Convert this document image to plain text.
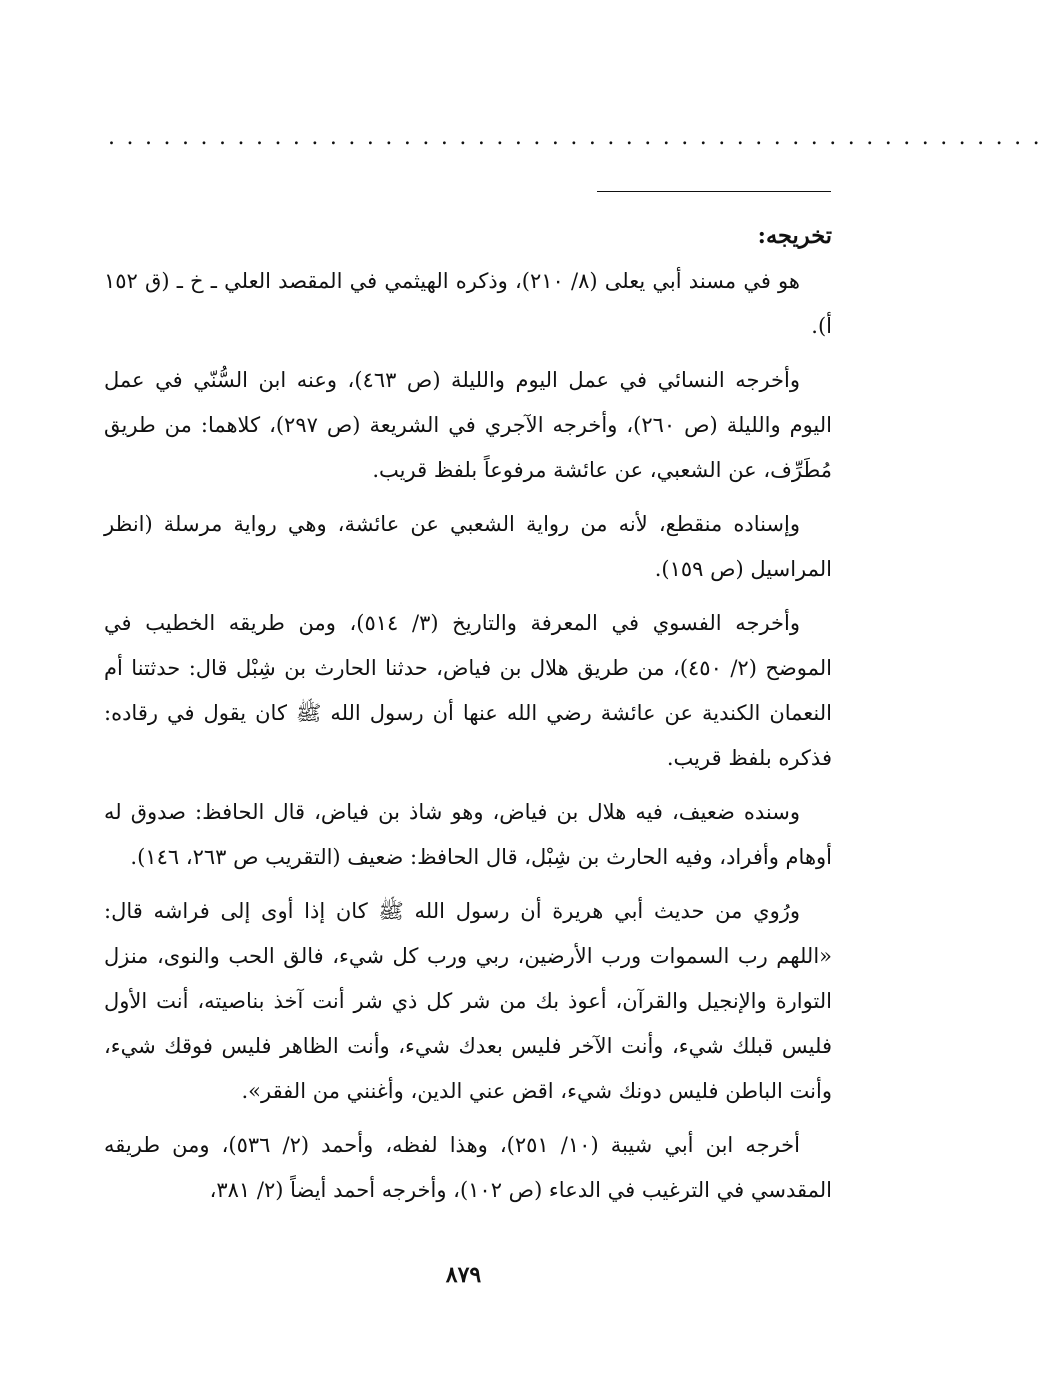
...................................................
تخريجه:

هو في مسند أبي يعلى (٨/ ٢١٠)، وذكره الهيثمي في المقصد العلي ـ خ ـ (ق ١٥٢ أ).

وأخرجه النسائي في عمل اليوم والليلة (ص ٤٦٣)، وعنه ابن السُّنّي في عمل اليوم والليلة (ص ٢٦٠)، وأخرجه الآجري في الشريعة (ص ٢٩٧)، كلاهما: من طريق مُطَرِّف، عن الشعبي، عن عائشة مرفوعاً بلفظ قريب.

وإسناده منقطع، لأنه من رواية الشعبي عن عائشة، وهي رواية مرسلة (انظر المراسيل (ص ١٥٩).

وأخرجه الفسوي في المعرفة والتاريخ (٣/ ٥١٤)، ومن طريقه الخطيب في الموضح (٢/ ٤٥٠)، من طريق هلال بن فياض، حدثنا الحارث بن شِبْل قال: حدثتنا أم النعمان الكندية عن عائشة رضي الله عنها أن رسول الله ﷺ كان يقول في رقاده: فذكره بلفظ قريب.

وسنده ضعيف، فيه هلال بن فياض، وهو شاذ بن فياض، قال الحافظ: صدوق له أوهام وأفراد، وفيه الحارث بن شِبْل، قال الحافظ: ضعيف (التقريب ص ٢٦٣، ١٤٦).

ورُوي من حديث أبي هريرة أن رسول الله ﷺ كان إذا أوى إلى فراشه قال: «اللهم رب السموات ورب الأرضين، ربي ورب كل شيء، فالق الحب والنوى، منزل التوارة والإنجيل والقرآن، أعوذ بك من شر كل ذي شر أنت آخذ بناصيته، أنت الأول فليس قبلك شيء، وأنت الآخر فليس بعدك شيء، وأنت الظاهر فليس فوقك شيء، وأنت الباطن فليس دونك شيء، اقض عني الدين، وأغنني من الفقر».

أخرجه ابن أبي شيبة (١٠/ ٢٥١)، وهذا لفظه، وأحمد (٢/ ٥٣٦)، ومن طريقه المقدسي في الترغيب في الدعاء (ص ١٠٢)، وأخرجه أحمد أيضاً (٢/ ٣٨١،

٨٧٩
